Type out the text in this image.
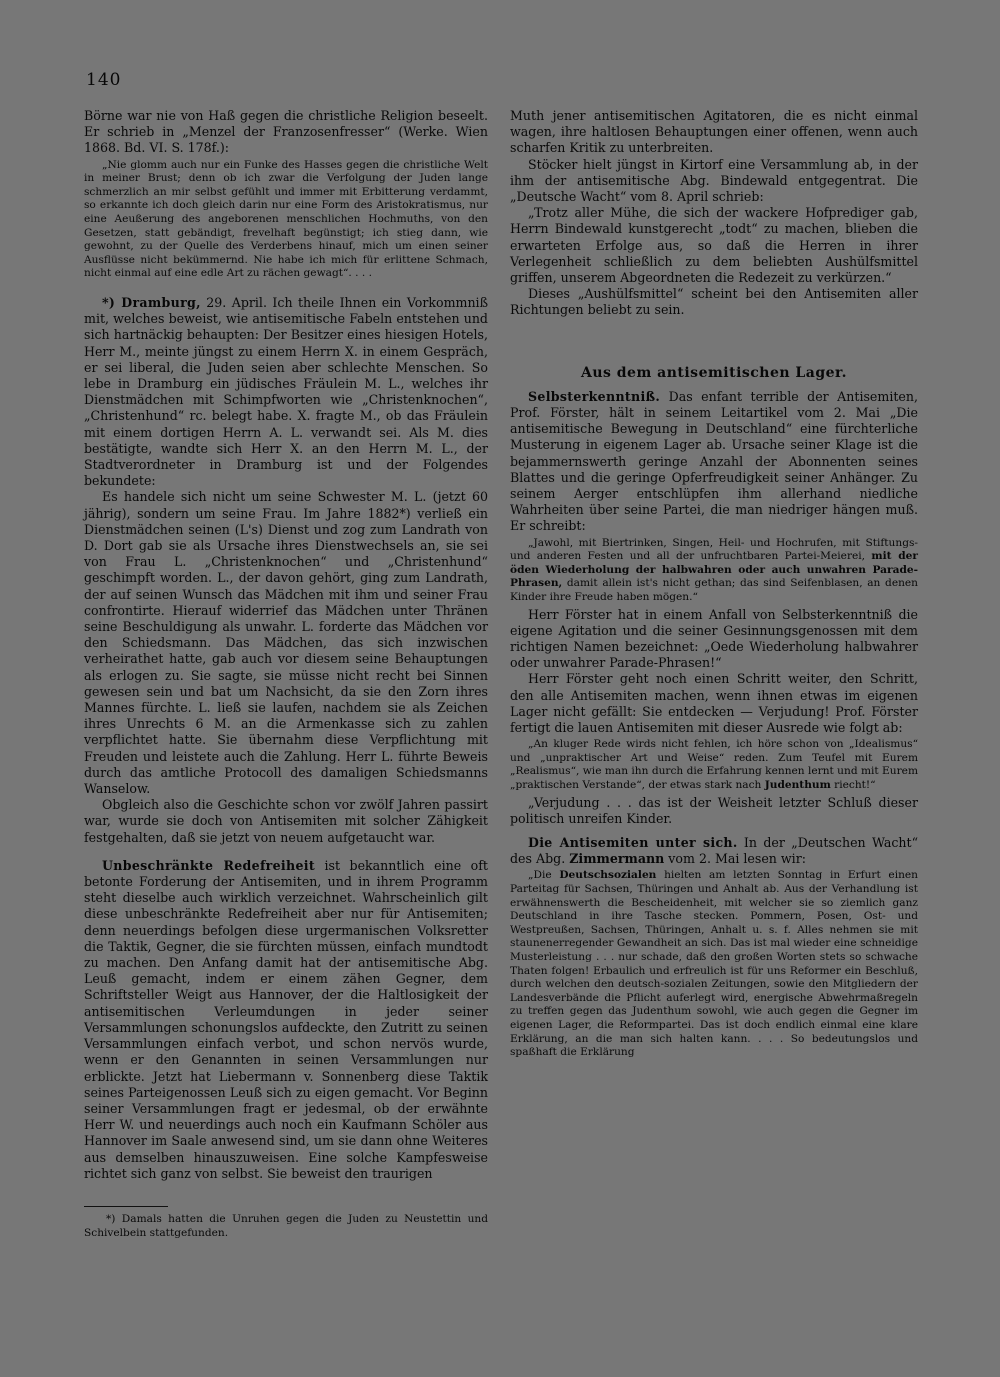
140

Börne war nie von Haß gegen die christliche Religion beseelt. Er schrieb in „Menzel der Franzosenfresser“ (Werke. Wien 1868. Bd. VI. S. 178f.):

„Nie glomm auch nur ein Funke des Hasses gegen die christliche Welt in meiner Brust; denn ob ich zwar die Verfolgung der Juden lange schmerzlich an mir selbst gefühlt und immer mit Erbitterung verdammt, so erkannte ich doch gleich darin nur eine Form des Aristokratismus, nur eine Aeußerung des angeborenen menschlichen Hochmuths, von den Gesetzen, statt gebändigt, frevelhaft begünstigt; ich stieg dann, wie gewohnt, zu der Quelle des Verderbens hinauf, mich um einen seiner Ausflüsse nicht bekümmernd. Nie habe ich mich für erlittene Schmach, nicht einmal auf eine edle Art zu rächen gewagt“. . . .

*) Dramburg, 29. April. Ich theile Ihnen ein Vorkommniß mit, welches beweist, wie antisemitische Fabeln entstehen und sich hartnäckig behaupten: Der Besitzer eines hiesigen Hotels, Herr M., meinte jüngst zu einem Herrn X. in einem Gespräch, er sei liberal, die Juden seien aber schlechte Menschen. So lebe in Dramburg ein jüdisches Fräulein M. L., welches ihr Dienstmädchen mit Schimpfworten wie „Christenknochen“, „Christenhund“ rc. belegt habe. X. fragte M., ob das Fräulein mit einem dortigen Herrn A. L. verwandt sei. Als M. dies bestätigte, wandte sich Herr X. an den Herrn M. L., der Stadtverordneter in Dramburg ist und der Folgendes bekundete:

Es handele sich nicht um seine Schwester M. L. (jetzt 60 jährig), sondern um seine Frau. Im Jahre 1882*) verließ ein Dienstmädchen seinen (L's) Dienst und zog zum Landrath von D. Dort gab sie als Ursache ihres Dienstwechsels an, sie sei von Frau L. „Christenknochen“ und „Christenhund“ geschimpft worden. L., der davon gehört, ging zum Landrath, der auf seinen Wunsch das Mädchen mit ihm und seiner Frau confrontirte. Hierauf widerrief das Mädchen unter Thränen seine Beschuldigung als unwahr. L. forderte das Mädchen vor den Schiedsmann. Das Mädchen, das sich inzwischen verheirathet hatte, gab auch vor diesem seine Behauptungen als erlogen zu. Sie sagte, sie müsse nicht recht bei Sinnen gewesen sein und bat um Nachsicht, da sie den Zorn ihres Mannes fürchte. L. ließ sie laufen, nachdem sie als Zeichen ihres Unrechts 6 M. an die Armenkasse sich zu zahlen verpflichtet hatte. Sie übernahm diese Verpflichtung mit Freuden und leistete auch die Zahlung. Herr L. führte Beweis durch das amtliche Protocoll des damaligen Schiedsmanns Wanselow.

Obgleich also die Geschichte schon vor zwölf Jahren passirt war, wurde sie doch von Antisemiten mit solcher Zähigkeit festgehalten, daß sie jetzt von neuem aufgetaucht war.

Unbeschränkte Redefreiheit ist bekanntlich eine oft betonte Forderung der Antisemiten, und in ihrem Programm steht dieselbe auch wirklich verzeichnet. Wahrscheinlich gilt diese unbeschränkte Redefreiheit aber nur für Antisemiten; denn neuerdings befolgen diese urgermanischen Volksretter die Taktik, Gegner, die sie fürchten müssen, einfach mundtodt zu machen. Den Anfang damit hat der antisemitische Abg. Leuß gemacht, indem er einem zähen Gegner, dem Schriftsteller Weigt aus Hannover, der die Haltlosigkeit der antisemitischen Verleumdungen in jeder seiner Versammlungen schonungslos aufdeckte, den Zutritt zu seinen Versammlungen einfach verbot, und schon nervös wurde, wenn er den Genannten in seinen Versammlungen nur erblickte. Jetzt hat Liebermann v. Sonnenberg diese Taktik seines Parteigenossen Leuß sich zu eigen gemacht. Vor Beginn seiner Versammlungen fragt er jedesmal, ob der erwähnte Herr W. und neuerdings auch noch ein Kaufmann Schöler aus Hannover im Saale anwesend sind, um sie dann ohne Weiteres aus demselben hinauszuweisen. Eine solche Kampfesweise richtet sich ganz von selbst. Sie beweist den traurigen

*) Damals hatten die Unruhen gegen die Juden zu Neustettin und Schivelbein stattgefunden.

Muth jener antisemitischen Agitatoren, die es nicht einmal wagen, ihre haltlosen Behauptungen einer offenen, wenn auch scharfen Kritik zu unterbreiten.

Stöcker hielt jüngst in Kirtorf eine Versammlung ab, in der ihm der antisemitische Abg. Bindewald entgegentrat. Die „Deutsche Wacht“ vom 8. April schrieb:

„Trotz aller Mühe, die sich der wackere Hofprediger gab, Herrn Bindewald kunstgerecht „todt“ zu machen, blieben die erwarteten Erfolge aus, so daß die Herren in ihrer Verlegenheit schließlich zu dem beliebten Aushülfsmittel griffen, unserem Abgeordneten die Redezeit zu verkürzen.“

Dieses „Aushülfsmittel“ scheint bei den Antisemiten aller Richtungen beliebt zu sein.

Aus dem antisemitischen Lager.

Selbsterkenntniß. Das enfant terrible der Antisemiten, Prof. Förster, hält in seinem Leitartikel vom 2. Mai „Die antisemitische Bewegung in Deutschland“ eine fürchterliche Musterung in eigenem Lager ab. Ursache seiner Klage ist die bejammernswerth geringe Anzahl der Abonnenten seines Blattes und die geringe Opferfreudigkeit seiner Anhänger. Zu seinem Aerger entschlüpfen ihm allerhand niedliche Wahrheiten über seine Partei, die man niedriger hängen muß. Er schreibt:

„Jawohl, mit Biertrinken, Singen, Heil- und Hochrufen, mit Stiftungs- und anderen Festen und all der unfruchtbaren Partei-Meierei, mit der öden Wiederholung der halbwahren oder auch unwahren Parade-Phrasen, damit allein ist's nicht gethan; das sind Seifenblasen, an denen Kinder ihre Freude haben mögen.“

Herr Förster hat in einem Anfall von Selbsterkenntniß die eigene Agitation und die seiner Gesinnungsgenossen mit dem richtigen Namen bezeichnet: „Oede Wiederholung halbwahrer oder unwahrer Parade-Phrasen!“

Herr Förster geht noch einen Schritt weiter, den Schritt, den alle Antisemiten machen, wenn ihnen etwas im eigenen Lager nicht gefällt: Sie entdecken — Verjudung! Prof. Förster fertigt die lauen Antisemiten mit dieser Ausrede wie folgt ab:

„An kluger Rede wirds nicht fehlen, ich höre schon von „Idealismus“ und „unpraktischer Art und Weise“ reden. Zum Teufel mit Eurem „Realismus“, wie man ihn durch die Erfahrung kennen lernt und mit Eurem „praktischen Verstande“, der etwas stark nach Judenthum riecht!“

„Verjudung . . . das ist der Weisheit letzter Schluß dieser politisch unreifen Kinder.

Die Antisemiten unter sich. In der „Deutschen Wacht“ des Abg. Zimmermann vom 2. Mai lesen wir:

„Die Deutschsozialen hielten am letzten Sonntag in Erfurt einen Parteitag für Sachsen, Thüringen und Anhalt ab. Aus der Verhandlung ist erwähnenswerth die Bescheidenheit, mit welcher sie so ziemlich ganz Deutschland in ihre Tasche stecken. Pommern, Posen, Ost- und Westpreußen, Sachsen, Thüringen, Anhalt u. s. f. Alles nehmen sie mit staunenerregender Gewandheit an sich. Das ist mal wieder eine schneidige Musterleistung . . . nur schade, daß den großen Worten stets so schwache Thaten folgen! Erbaulich und erfreulich ist für uns Reformer ein Beschluß, durch welchen den deutsch-sozialen Zeitungen, sowie den Mitgliedern der Landesverbände die Pflicht auferlegt wird, energische Abwehrmaßregeln zu treffen gegen das Judenthum sowohl, wie auch gegen die Gegner im eigenen Lager, die Reformpartei. Das ist doch endlich einmal eine klare Erklärung, an die man sich halten kann. . . . So bedeutungslos und spaßhaft die Erklärung
